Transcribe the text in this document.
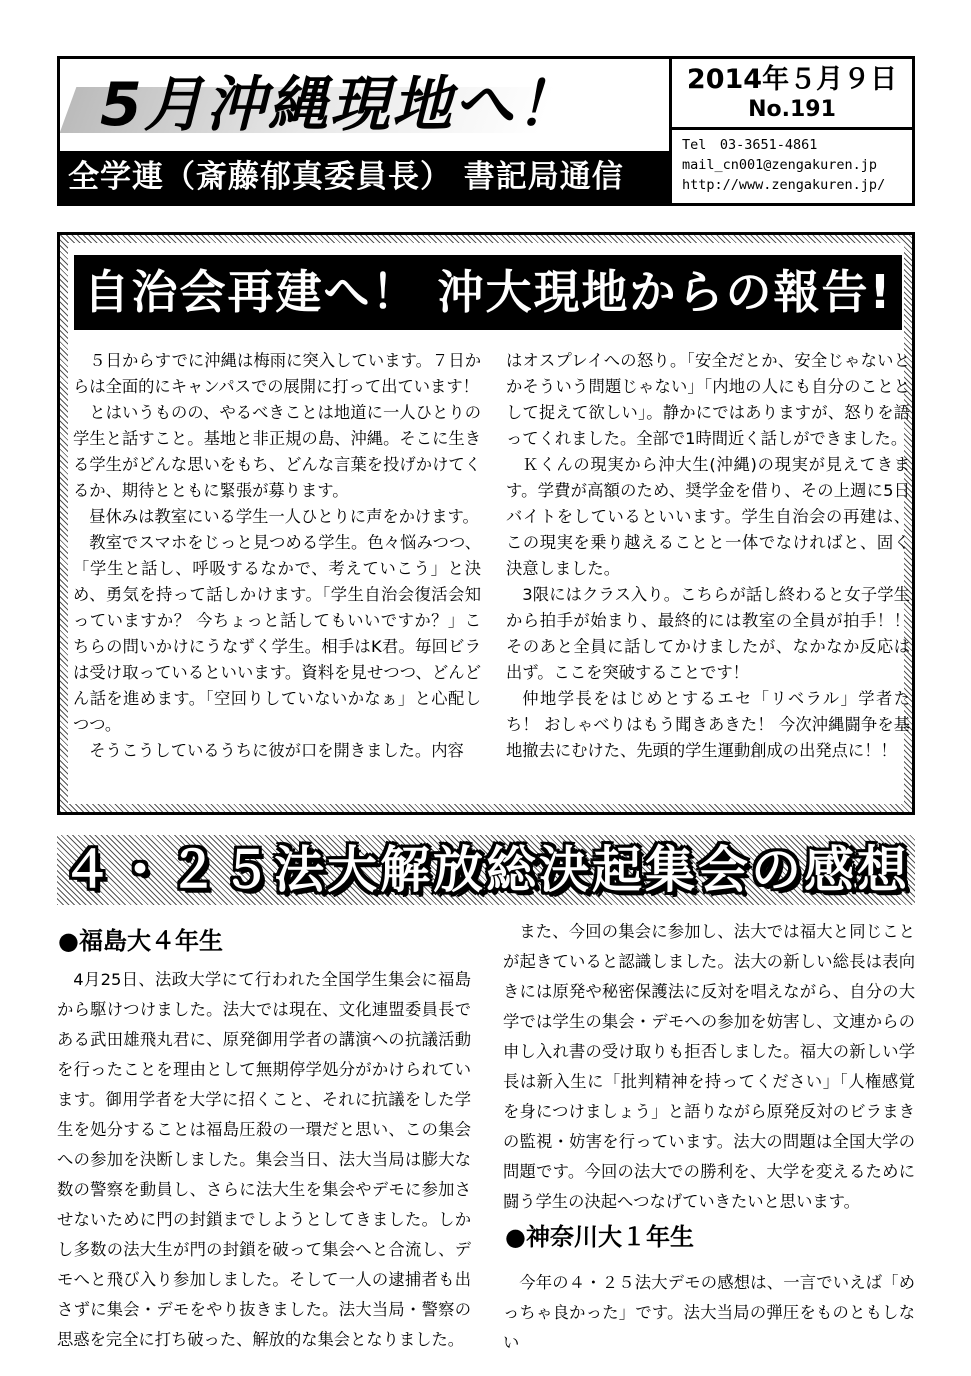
5月沖縄現地へ！
全学連（斎藤郁真委員長） 書記局通信
2014年５月９日
No.191
Tel　03-3651-4861
mail_cn001@zengakuren.jp
http://www.zengakuren.jp/
自治会再建へ！ 沖大現地からの報告!

５日からすでに沖縄は梅雨に突入しています。７日からは全面的にキャンパスでの展開に打って出ています！

とはいうものの、やるべきことは地道に一人ひとりの学生と話すこと。基地と非正規の島、沖縄。そこに生きる学生がどんな思いをもち、どんな言葉を投げかけてくるか、期待とともに緊張が募ります。

昼休みは教室にいる学生一人ひとりに声をかけます。

教室でスマホをじっと見つめる学生。色々悩みつつ、「学生と話し、呼吸するなかで、考えていこう」と決め、勇気を持って話しかけます。「学生自治会復活会知っていますか？ 今ちょっと話してもいいですか？」こちらの問いかけにうなずく学生。相手はK君。毎回ビラは受け取っているといいます。資料を見せつつ、どんどん話を進めます。「空回りしていないかなぁ」と心配しつつ。

そうこうしているうちに彼が口を開きました。内容

はオスプレイへの怒り。「安全だとか、安全じゃないとかそういう問題じゃない」「内地の人にも自分のこととして捉えて欲しい」。静かにではありますが、怒りを語ってくれました。全部で1時間近く話しができました。

Ｋくんの現実から沖大生(沖縄)の現実が見えてきます。学費が高額のため、奨学金を借り、その上週に5日バイトをしているといいます。学生自治会の再建は、この現実を乗り越えることと一体でなければと、固く決意しました。

3限にはクラス入り。こちらが話し終わると女子学生から拍手が始まり、最終的には教室の全員が拍手！！そのあと全員に話してかけましたが、なかなか反応は出ず。ここを突破することです！

仲地学長をはじめとするエセ「リベラル」学者たち！ おしゃべりはもう聞きあきた！ 今次沖縄闘争を基地撤去にむけた、先頭的学生運動創成の出発点に！！

４・２５法大解放総決起集会の感想
●福島大４年生

4月25日、法政大学にて行われた全国学生集会に福島から駆けつけました。法大では現在、文化連盟委員長である武田雄飛丸君に、原発御用学者の講演への抗議活動を行ったことを理由として無期停学処分がかけられています。御用学者を大学に招くこと、それに抗議をした学生を処分することは福島圧殺の一環だと思い、この集会への参加を決断しました。集会当日、法大当局は膨大な数の警察を動員し、さらに法大生を集会やデモに参加させないために門の封鎖までしようとしてきました。しかし多数の法大生が門の封鎖を破って集会へと合流し、デモへと飛び入り参加しました。そして一人の逮捕者も出さずに集会・デモをやり抜きました。法大当局・警察の思惑を完全に打ち破った、解放的な集会となりました。

また、今回の集会に参加し、法大では福大と同じことが起きていると認識しました。法大の新しい総長は表向きには原発や秘密保護法に反対を唱えながら、自分の大学では学生の集会・デモへの参加を妨害し、文連からの申し入れ書の受け取りも拒否しました。福大の新しい学長は新入生に「批判精神を持ってください」「人権感覚を身につけましょう」と語りながら原発反対のビラまきの監視・妨害を行っています。法大の問題は全国大学の問題です。今回の法大での勝利を、大学を変えるために闘う学生の決起へつなげていきたいと思います。

●神奈川大１年生

今年の４・２５法大デモの感想は、一言でいえば「めっちゃ良かった」です。法大当局の弾圧をものともしない
